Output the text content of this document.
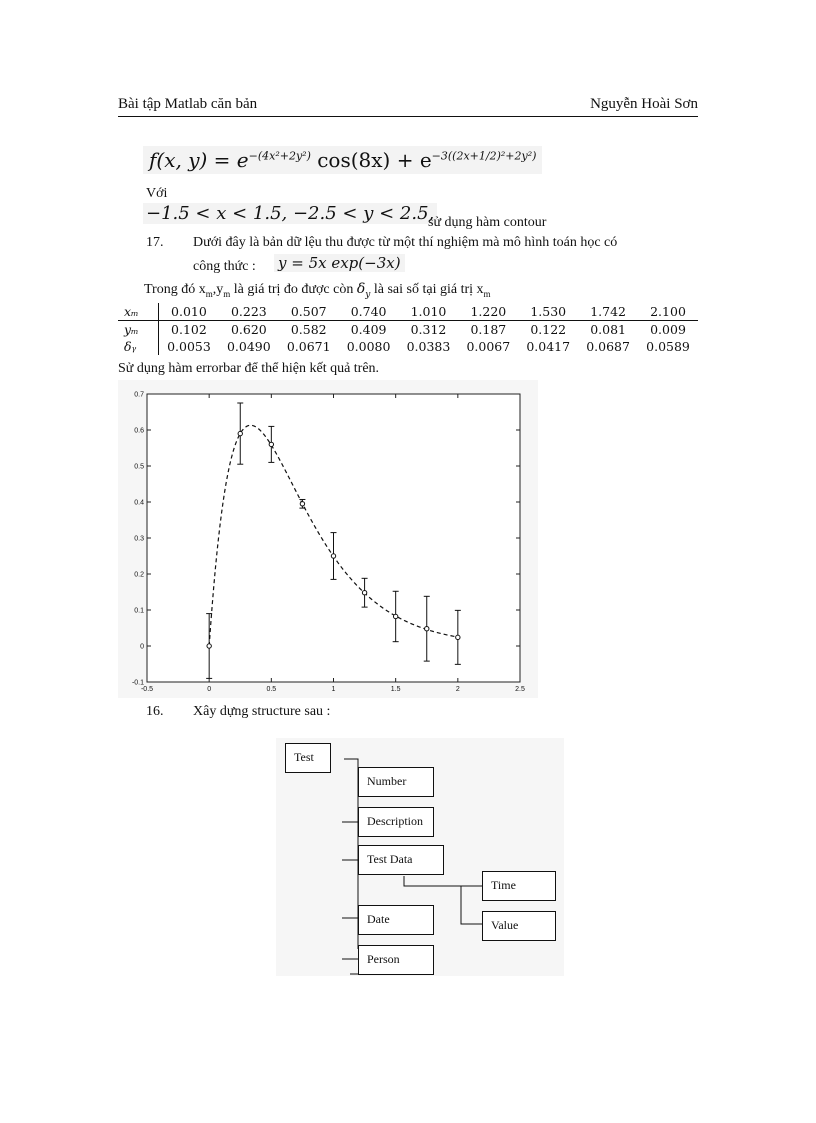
Bài tập Matlab căn bản	Nguyễn Hoài Sơn
f(x, $y) = e^{-(4x^2+2y^2)}$ $\cos(8x) + e^{-3((2x+1/2)^2+2y^2)}$
Với
−1.5 < x < 1.5, −2.5 < y < 2.5,
sử dụng hàm contour
17. Dưới đây là bản dữ lệu thu được từ một thí nghiệm mà mô hình toán học có
công thức : y = 5x exp(−3x)
Trong đó $x_m,y_m$ là giá trị đo được còn $\delta_y$ là sai số tại giá trị $x_m$
xₘ	0.010	0.223	0.507	0.740	1.010	1.220	1.530	1.742	2.100
yₘ	0.102	0.620	0.582	0.409	0.312	0.187	0.122	0.081	0.009
δᵧ	0.0053	0.0490	0.0671	0.0080	0.0383	0.0067	0.0417	0.0687	0.0589
Sử dụng hàm errorbar để thể hiện kết quả trên.
-0.5	0	0.5	1	1.5	2	2.5
-0.1
0
0.1
0.2
0.3
0.4
0.5
0.6
0.7
16. Xây dựng structure sau :
Test
Number
Description
Test Data
Time
Value
Date
Person
